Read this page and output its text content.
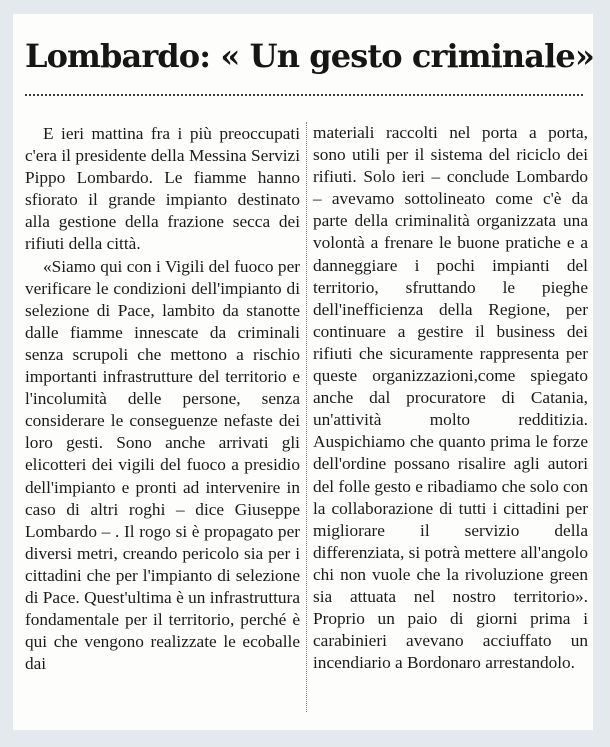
Lombardo: « Un gesto criminale»

E ieri mattina fra i più preoccupati c'era il presidente della Messina Servizi Pippo Lombardo. Le fiamme hanno sfiorato il grande impianto destinato alla gestione della frazione secca dei rifiuti della città.

«Siamo qui con i Vigili del fuoco per verificare le condizioni dell'impianto di selezione di Pace, lambito da stanotte dalle fiamme innescate da criminali senza scrupoli che mettono a rischio importanti infrastrutture del territorio e l'incolumità delle persone, senza considerare le conseguenze nefaste dei loro gesti. Sono anche arrivati gli elicotteri dei vigili del fuoco a presidio dell'impianto e pronti ad intervenire in caso di altri roghi – dice Giuseppe Lombardo – . Il rogo si è propagato per diversi metri, creando pericolo sia per i cittadini che per l'impianto di selezione di Pace. Quest'ultima è un infrastruttura fondamentale per il territorio, perché è qui che vengono realizzate le ecoballe dai

materiali raccolti nel porta a porta, sono utili per il sistema del riciclo dei rifiuti. Solo ieri – conclude Lombardo – avevamo sottolineato come c'è da parte della criminalità organizzata una volontà a frenare le buone pratiche e a danneggiare i pochi impianti del territorio, sfruttando le pieghe dell'inefficienza della Regione, per continuare a gestire il business dei rifiuti che sicuramente rappresenta per queste organizzazioni,come spiegato anche dal procuratore di Catania, un'attività molto redditizia. Auspichiamo che quanto prima le forze dell'ordine possano risalire agli autori del folle gesto e ribadiamo che solo con la collaborazione di tutti i cittadini per migliorare il servizio della differenziata, si potrà mettere all'angolo chi non vuole che la rivoluzione green sia attuata nel nostro territorio». Proprio un paio di giorni prima i carabinieri avevano acciuffato un incendiario a Bordonaro arrestandolo.
